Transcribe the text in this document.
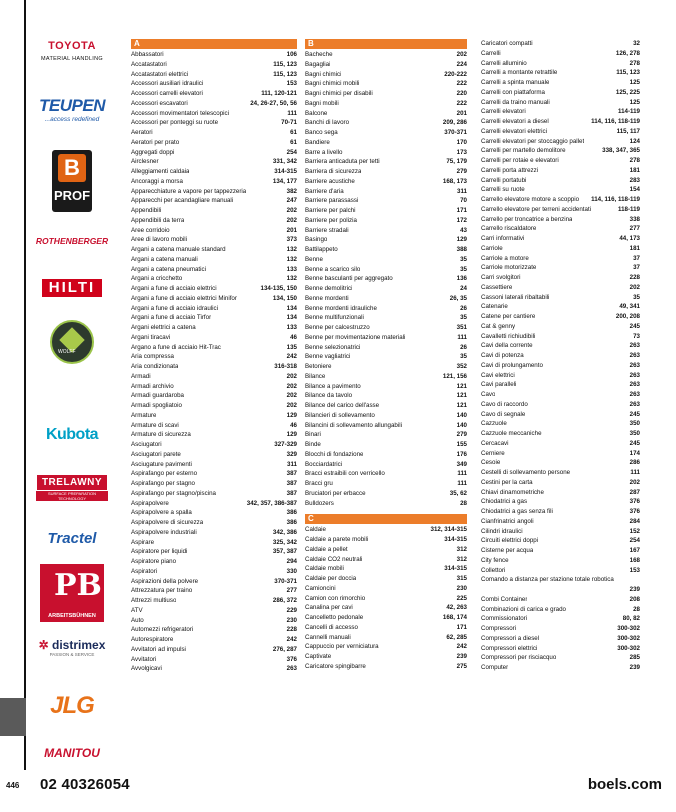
TOYOTA
MATERIAL HANDLING
TEUPEN
...access redefined
B
PROF
ROTHENBERGER
HILTI
WOLFF
Kubota
TRELAWNY
SURFACE PREPARATION TECHNOLOGY
Tractel
PB
ARBEITSBÜHNEN
✲ distrimex
PASSION & SERVICE
JLG
MANITOU
A
Abbassatori	106
Accatastatori	115, 123
Accatastatori elettrici	115, 123
Accessori ausiliari idraulici	153
Accessori carrelli elevatori	111, 120-121
Accessori escavatori	24, 26-27, 50, 56
Accessori movimentatori telescopici	111
Accessori per ponteggi su ruote	70-71
Aeratori	61
Aeratori per prato	61
Aggregati doppi	254
Airclesner	331, 342
Alleggiamenti caldaia	314-315
Ancoraggi a morsa	134, 177
Apparecchiature a vapore per tappezzeria	382
Apparecchi per acandagliare manuali	247
Appendibili	202
Appendibili da terra	202
Aree corridoio	201
Aree di lavoro mobili	373
Argani a catena manuale standard	132
Argani a catena manuali	132
Argani a catena pneumatici	133
Argani a cricchetto	132
Argani a fune di acciaio elettrici	134-135, 150
Argani a fune di acciaio elettrici Minifor	134, 150
Argani a fune di acciaio idraulici	134
Argani a fune di acciaio Tirfor	134
Argani elettrici a catena	133
Argani tiracavi	46
Argano a fune di acciaio Hit-Trac	135
Aria compressa	242
Aria condizionata	316-318
Armadi	202
Armadi archivio	202
Armadi guardaroba	202
Armadi spogliatoio	202
Armature	129
Armature di scavi	46
Armature di sicurezza	129
Asciugatori	327-329
Asciugatori parete	329
Asciugature pavimenti	311
Aspirafango per esterno	387
Aspirafango per stagno	387
Aspirafango per stagno/piscina	387
Aspirapolvere	342, 357, 386-387
Aspirapolvere a spalla	386
Aspirapolvere di sicurezza	386
Aspirapolvere industriali	342, 386
Aspirare	325, 342
Aspiratore per liquidi	357, 387
Aspiratore piano	294
Aspiratori	330
Aspirazioni della polvere	370-371
Attrezzatura per traino	277
Attrezzi multiuso	286, 372
ATV	229
Auto	230
Automezzi refrigeratori	228
Autorespiratore	242
Avvitatori ad impulsi	276, 287
Avvitatori	376
Avvolgicavi	263
B
Bacheche	202
Bagagliai	224
Bagni chimici	220-222
Bagni chimici mobili	222
Bagni chimici per disabili	220
Bagni mobili	222
Balcone	201
Banchi di lavoro	209, 286
Banco sega	370-371
Bandiere	170
Barre a livello	173
Barriera anticaduta per tetti	75, 179
Barriera di sicurezza	279
Barriere acustiche	168, 173
Barriere d'aria	311
Barriere parassassi	70
Barriere per palchi	171
Barriere per polizia	172
Barriere stradali	43
Basingo	129
Battilappeto	388
Benne	35
Benne a scarico silo	35
Benne basculanti per aggregato	136
Benne demolitrici	24
Benne mordenti	26, 35
Benne mordenti idrauliche	26
Benne multifunzionali	35
Benne per calcestruzzo	351
Benne per movimentazione materiali	111
Benne selezionatrici	26
Benne vagliatrici	35
Betoniere	352
Bilance	121, 156
Bilance a pavimento	121
Bilance da tavolo	121
Bilance del carico dell'asse	121
Bilancieri di sollevamento	140
Bilancini di sollevamento allungabili	140
Binari	279
Binde	155
Blocchi di fondazione	176
Bocciardatrici	349
Bracci estraibili con verricello	111
Bracci gru	111
Bruciatori per erbacce	35, 62
Bulldozers	28
C
Caldaie	312, 314-315
Caldaie a parete mobili	314-315
Caldaie a pellet	312
Caldaie CO2 neutrali	312
Caldaie mobili	314-315
Caldaie per doccia	315
Camioncini	230
Camion con rimorchio	225
Canalina per cavi	42, 263
Cancelletto pedonale	168, 174
Cancelli di accesso	171
Cannelli manuali	62, 285
Cappuccio per verniciatura	242
Captivate	239
Caricatore spingibarre	275
Caricatori compatti	32
Carrelli	126, 278
Carrelli alluminio	278
Carrelli a montante retrattile	115, 123
Carrelli a spinta manuale	125
Carrelli con piattaforma	125, 225
Carrelli da traino manuali	125
Carrelli elevatori	114-119
Carrelli elevatori a diesel	114, 116, 118-119
Carrelli elevatori elettrici	115, 117
Carrelli elevatori per stoccaggio pallet	124
Carrelli per martello demolitore	338, 347, 365
Carrelli per rotaie e elevatori	278
Carrelli porta attrezzi	181
Carrelli portatubi	283
Carrelli su ruote	154
Carrello elevatore motore a scoppio	114, 116, 118-119
Carrello elevatore per terreni accidentati	118-119
Carrello per troncatrice a benzina	338
Carrello riscaldatore	277
Carri informativi	44, 173
Carriole	181
Carriole a motore	37
Carriole motorizzate	37
Carri svolgitori	228
Cassettiere	202
Cassoni laterali ribaltabili	35
Catenarie	49, 341
Catene per cantiere	200, 208
Cat & genny	245
Cavalletti richiudibili	73
Cavi della corrente	263
Cavi di potenza	263
Cavi di prolungamento	263
Cavi elettrici	263
Cavi paralleli	263
Cavo	263
Cavo di raccordo	263
Cavo di segnale	245
Cazzuole	350
Cazzuole meccaniche	350
Cercacavi	245
Cerniere	174
Cesoie	286
Cestelli di sollevamento persone	111
Cestini per la carta	202
Chiavi dinamometriche	287
Chiodatrici a gas	376
Chiodatrici a gas senza fili	376
Cianfrinatrici angoli	284
Cilindri idraulici	152
Circuiti elettrici doppi	254
Cisterne per acqua	167
City fence	168
Collettori	153
Comando a distanza per stazione totale robotica
239
Combi Container	208
Combinazioni di carica e grado	28
Commissionatori	80, 82
Compressori	300-302
Compressori a diesel	300-302
Compressori elettrici	300-302
Compressori per risciacquo	285
Computer	239
446 02 40326054	boels.com
